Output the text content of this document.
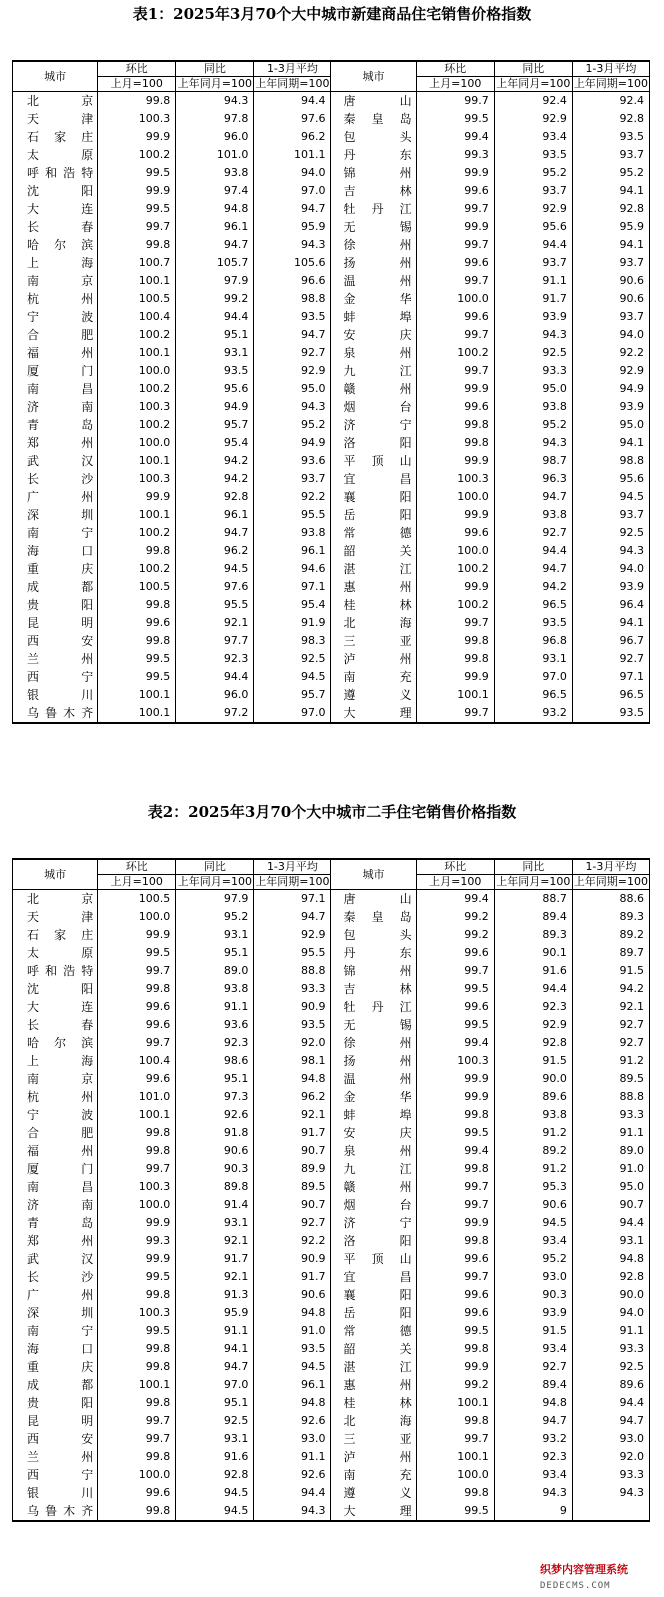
表1：2025年3月70个大中城市新建商品住宅销售价格指数
城市	环比	同比	1-3月平均	城市	环比	同比	1-3月平均
	上月=100	上年同月=100	上年同期=100		上月=100	上年同月=100	上年同期=100
北京	99.8	94.3	94.4	唐山	99.7	92.4	92.4
天津	100.3	97.8	97.6	秦皇岛	99.5	92.9	92.8
石家庄	99.9	96.0	96.2	包头	99.4	93.4	93.5
太原	100.2	101.0	101.1	丹东	99.3	93.5	93.7
呼和浩特	99.5	93.8	94.0	锦州	99.9	95.2	95.2
沈阳	99.9	97.4	97.0	吉林	99.6	93.7	94.1
大连	99.5	94.8	94.7	牡丹江	99.7	92.9	92.8
长春	99.7	96.1	95.9	无锡	99.9	95.6	95.9
哈尔滨	99.8	94.7	94.3	徐州	99.7	94.4	94.1
上海	100.7	105.7	105.6	扬州	99.6	93.7	93.7
南京	100.1	97.9	96.6	温州	99.7	91.1	90.6
杭州	100.5	99.2	98.8	金华	100.0	91.7	90.6
宁波	100.4	94.4	93.5	蚌埠	99.6	93.9	93.7
合肥	100.2	95.1	94.7	安庆	99.7	94.3	94.0
福州	100.1	93.1	92.7	泉州	100.2	92.5	92.2
厦门	100.0	93.5	92.9	九江	99.7	93.3	92.9
南昌	100.2	95.6	95.0	赣州	99.9	95.0	94.9
济南	100.3	94.9	94.3	烟台	99.6	93.8	93.9
青岛	100.2	95.7	95.2	济宁	99.8	95.2	95.0
郑州	100.0	95.4	94.9	洛阳	99.8	94.3	94.1
武汉	100.1	94.2	93.6	平顶山	99.9	98.7	98.8
长沙	100.3	94.2	93.7	宜昌	100.3	96.3	95.6
广州	99.9	92.8	92.2	襄阳	100.0	94.7	94.5
深圳	100.1	96.1	95.5	岳阳	99.9	93.8	93.7
南宁	100.2	94.7	93.8	常德	99.6	92.7	92.5
海口	99.8	96.2	96.1	韶关	100.0	94.4	94.3
重庆	100.2	94.5	94.6	湛江	100.2	94.7	94.0
成都	100.5	97.6	97.1	惠州	99.9	94.2	93.9
贵阳	99.8	95.5	95.4	桂林	100.2	96.5	96.4
昆明	99.6	92.1	91.9	北海	99.7	93.5	94.1
西安	99.8	97.7	98.3	三亚	99.8	96.8	96.7
兰州	99.5	92.3	92.5	泸州	99.8	93.1	92.7
西宁	99.5	94.4	94.5	南充	99.9	97.0	97.1
银川	100.1	96.0	95.7	遵义	100.1	96.5	96.5
乌鲁木齐	100.1	97.2	97.0	大理	99.7	93.2	93.5
表2：2025年3月70个大中城市二手住宅销售价格指数
城市	环比	同比	1-3月平均	城市	环比	同比	1-3月平均
	上月=100	上年同月=100	上年同期=100		上月=100	上年同月=100	上年同期=100
北京	100.5	97.9	97.1	唐山	99.4	88.7	88.6
天津	100.0	95.2	94.7	秦皇岛	99.2	89.4	89.3
石家庄	99.9	93.1	92.9	包头	99.2	89.3	89.2
太原	99.5	95.1	95.5	丹东	99.6	90.1	89.7
呼和浩特	99.7	89.0	88.8	锦州	99.7	91.6	91.5
沈阳	99.8	93.8	93.3	吉林	99.5	94.4	94.2
大连	99.6	91.1	90.9	牡丹江	99.6	92.3	92.1
长春	99.6	93.6	93.5	无锡	99.5	92.9	92.7
哈尔滨	99.7	92.3	92.0	徐州	99.4	92.8	92.7
上海	100.4	98.6	98.1	扬州	100.3	91.5	91.2
南京	99.6	95.1	94.8	温州	99.9	90.0	89.5
杭州	101.0	97.3	96.2	金华	99.9	89.6	88.8
宁波	100.1	92.6	92.1	蚌埠	99.8	93.8	93.3
合肥	99.8	91.8	91.7	安庆	99.5	91.2	91.1
福州	99.8	90.6	90.7	泉州	99.4	89.2	89.0
厦门	99.7	90.3	89.9	九江	99.8	91.2	91.0
南昌	100.3	89.8	89.5	赣州	99.7	95.3	95.0
济南	100.0	91.4	90.7	烟台	99.7	90.6	90.7
青岛	99.9	93.1	92.7	济宁	99.9	94.5	94.4
郑州	99.3	92.1	92.2	洛阳	99.8	93.4	93.1
武汉	99.9	91.7	90.9	平顶山	99.6	95.2	94.8
长沙	99.5	92.1	91.7	宜昌	99.7	93.0	92.8
广州	99.8	91.3	90.6	襄阳	99.6	90.3	90.0
深圳	100.3	95.9	94.8	岳阳	99.6	93.9	94.0
南宁	99.5	91.1	91.0	常德	99.5	91.5	91.1
海口	99.8	94.1	93.5	韶关	99.8	93.4	93.3
重庆	99.8	94.7	94.5	湛江	99.9	92.7	92.5
成都	100.1	97.0	96.1	惠州	99.2	89.4	89.6
贵阳	99.8	95.1	94.8	桂林	100.1	94.8	94.4
昆明	99.7	92.5	92.6	北海	99.8	94.7	94.7
西安	99.7	93.1	93.0	三亚	99.7	93.2	93.0
兰州	99.8	91.6	91.1	泸州	100.1	92.3	92.0
西宁	100.0	92.8	92.6	南充	100.0	93.4	93.3
银川	99.6	94.5	94.4	遵义	99.8	94.3	94.3
乌鲁木齐	99.8	94.5	94.3	大理	99.5	9	
织梦内容管理系统
DEDECMS.COM
